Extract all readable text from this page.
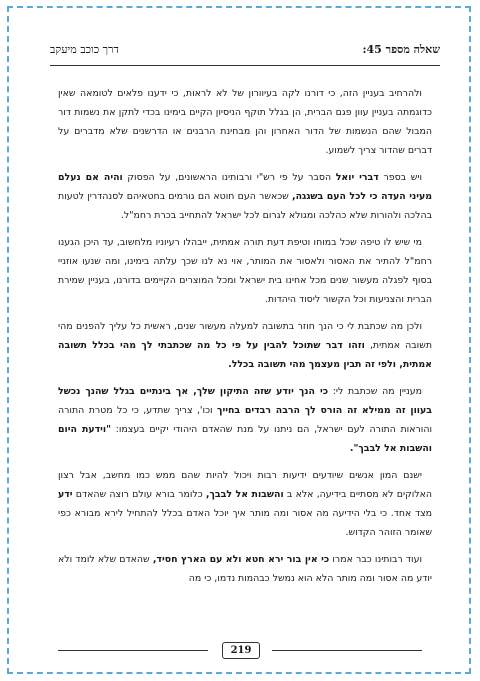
שאלה מספר 45:
דרך כוכב מיעקב

ולהרחיב בעניין הזה, כי דורנו לקה בעיוורון של לא לראות, כי ידענו פלאים לטומאה שאין כדוגמתה בעניין עוון פגם הברית, הן בגלל תוקף הניסיון הקיים בימינו בכדי לתקן את נשמות דור המבול שהם הנשמות של הדור האחרון והן מבחינת הרבנים או הדרשנים שלא מדברים על דברים שהדור צריך לשמוע.

ויש בספר דברי יואל הסבר על פי רש"י ורבותינו הראשונים, על הפסוק והיה אם נעלם מעיני העדה כי לכל העם בשגגה, שכאשר העם חוטא הם גורמים בחטאיהם לסנהדרין לטעות בהלכה ולהורות שלא כהלכה ומגולא לגרום לכל ישראל להתחייב בכרת רחמ"ל.

מי שיש לו טיפה שכל במוחו וטיפת דעת תורה אמתית, ייבהלו רעיוניו מלחשוב, עד היכן הגענו רחמ"ל להתיר את האסור ולאסור את המותר, אוי נא לנו שכך עלתה בימינו, ומה שנעו אוזניי בסוף לפגלה מעשור שנים מכל אחינו בית ישראל ומכל המוצרים הקיימים בדורנו, בעניין שמירת הברית והצניעות וכל הקשור ליסוד היהדות.

ולכן מה שכתבת לי כי הנך חוזר בתשובה למעלה מעשור שנים, ראשית כל עליך להפנים מהי תשובה אמתית, וזהו דבר שתוכל להבין על פי כל מה שכתבתי לך מהי בכלל תשובה אמתית, ולפי זה תבין מעצמך מהי תשובה בכלל.

מעניין מה שכתבת לי: כי הנך יודע שזה התיקון שלך, אך בינתיים בגלל שהנך נכשל בעוון זה ממילא זה הורס לך הרבה רבדים בחייך וכו', צריך שתדע, כי כל מטרת התורה והוראות התורה לעם ישראל, הם ניתנו על מנת שהאדם היהודי יקיים בעצמו: "וידעת היום והשבות אל לבבך".

ישנם המון אנשים שיודעים ידיעות רבות ויכול להיות שהם ממש כמו מחשב, אבל רצון האלוקים לא מסתיים בידיעה, אלא ב והשבות אל לבבך, כלומר בורא עולם רוצה שהאדם ידע מצד אחד. כי בלי הידיעה מה אסור ומה מותר איך יוכל האדם בכלל להתחיל לירא מבורא כפי שאומר הזוהר הקדוש.

ועוד רבותינו כבר אמרו כי אין בור ירא חטא ולא עם הארץ חסיד, שהאדם שלא לומד ולא יודע מה אסור ומה מותר הלא הוא נמשל כבהמות נדמו, כי מה

219
